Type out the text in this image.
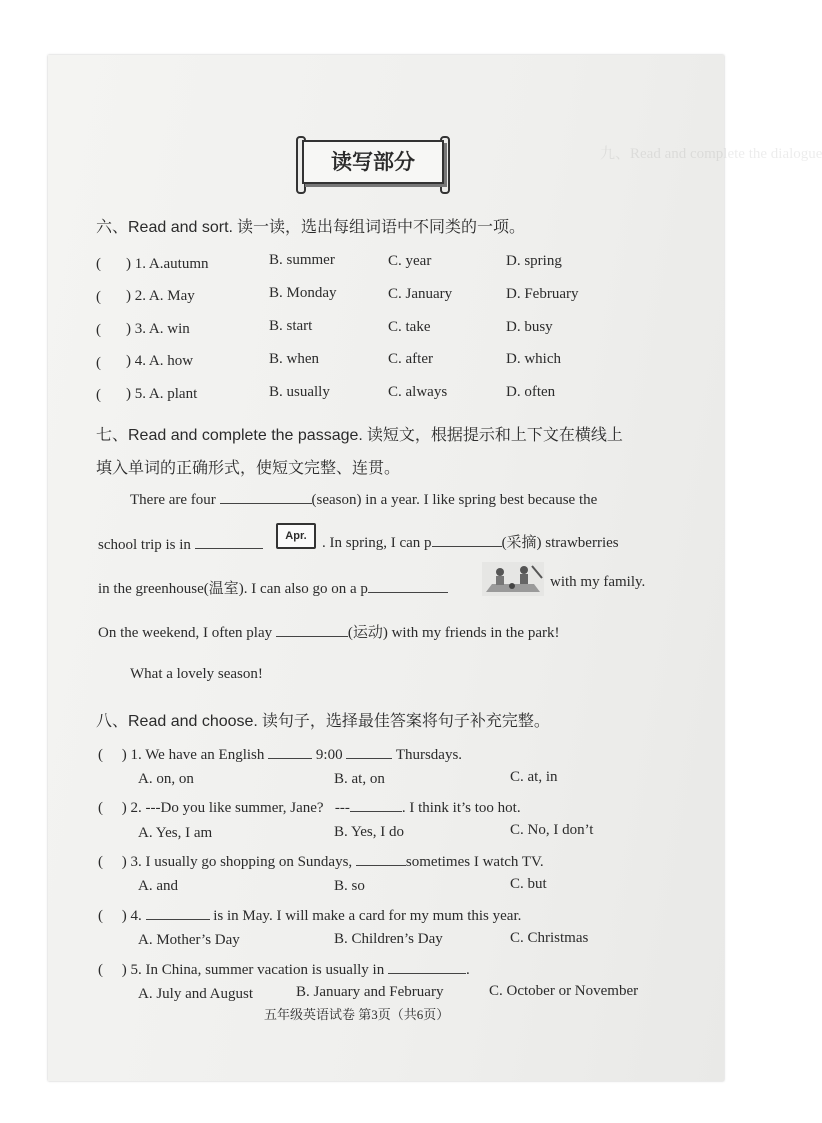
九、Read and complete the dialogue
读写部分
六、Read and sort. 读一读，选出每组词语中不同类的一项。
( ) 1. A.autumn	B. summer	C. year	D. spring
( ) 2. A. May	B. Monday	C. January	D. February
( ) 3. A. win	B. start	C. take	D. busy
( ) 4. A. how	B. when	C. after	D. which
( ) 5. A. plant	B. usually	C. always	D. often
七、Read and complete the passage. 读短文，根据提示和上下文在横线上
填入单词的正确形式，使短文完整、连贯。
There are four	(season) in a year. I like spring best because the
school trip is in
Apr.	. In spring, I can p	(采摘) strawberries
in the greenhouse(温室). I can also go on a p	with my family.
On the weekend, I often play	(运动) with my friends in the park!
What a lovely season!
八、Read and choose. 读句子，选择最佳答案将句子补充完整。
( ) 1. We have an English	9:00	Thursdays.
A. on, on	B. at, on	C. at, in
( ) 2. ---Do you like summer, Jane? ---	. I think it’s too hot.
A. Yes, I am	B. Yes, I do	C. No, I don’t
( ) 3. I usually go shopping on Sundays,	sometimes I watch TV.
A. and	B. so	C. but
( ) 4.	is in May. I will make a card for my mum this year.
A. Mother’s Day	B. Children’s Day	C. Christmas
( ) 5. In China, summer vacation is usually in	.
A. July and August	B. January and February	C. October or November
五年级英语试卷 第3页（共6页）
